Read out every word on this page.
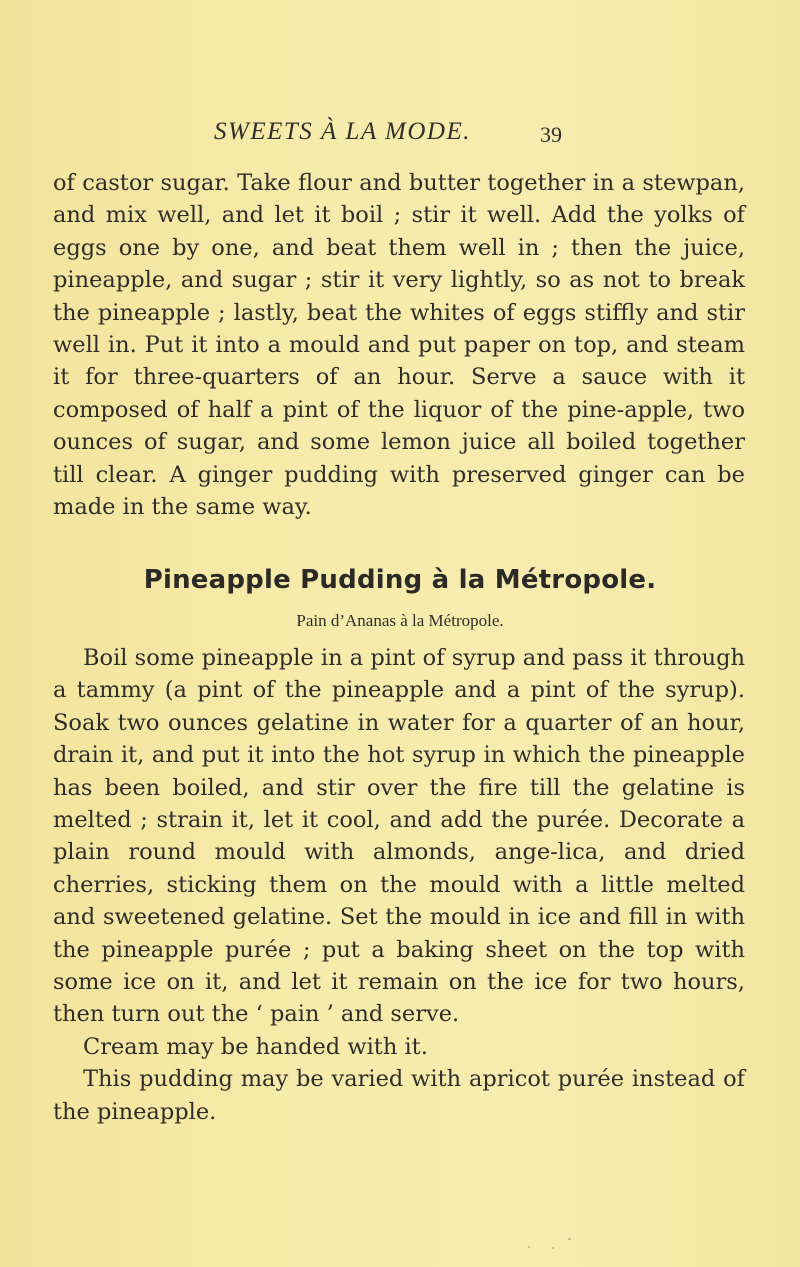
SWEETS À LA MODE.	39

of castor sugar. Take flour and butter together in a stewpan, and mix well, and let it boil ; stir it well. Add the yolks of eggs one by one, and beat them well in ; then the juice, pineapple, and sugar ; stir it very lightly, so as not to break the pineapple ; lastly, beat the whites of eggs stiffly and stir well in. Put it into a mould and put paper on top, and steam it for three-quarters of an hour. Serve a sauce with it composed of half a pint of the liquor of the pine-apple, two ounces of sugar, and some lemon juice all boiled together till clear. A ginger pudding with preserved ginger can be made in the same way.

Pineapple Pudding à la Métropole.
Pain d’Ananas à la Métropole.
Boil some pineapple in a pint of syrup and pass it through a tammy (a pint of the pineapple and a pint of the syrup). Soak two ounces gelatine in water for a quarter of an hour, drain it, and put it into the hot syrup in which the pineapple has been boiled, and stir over the fire till the gelatine is melted ; strain it, let it cool, and add the purée. Decorate a plain round mould with almonds, ange-lica, and dried cherries, sticking them on the mould with a little melted and sweetened gelatine. Set the mould in ice and fill in with the pineapple purée ; put a baking sheet on the top with some ice on it, and let it remain on the ice for two hours, then turn out the ‘ pain ’ and serve.
Cream may be handed with it.
This pudding may be varied with apricot purée instead of the pineapple.
